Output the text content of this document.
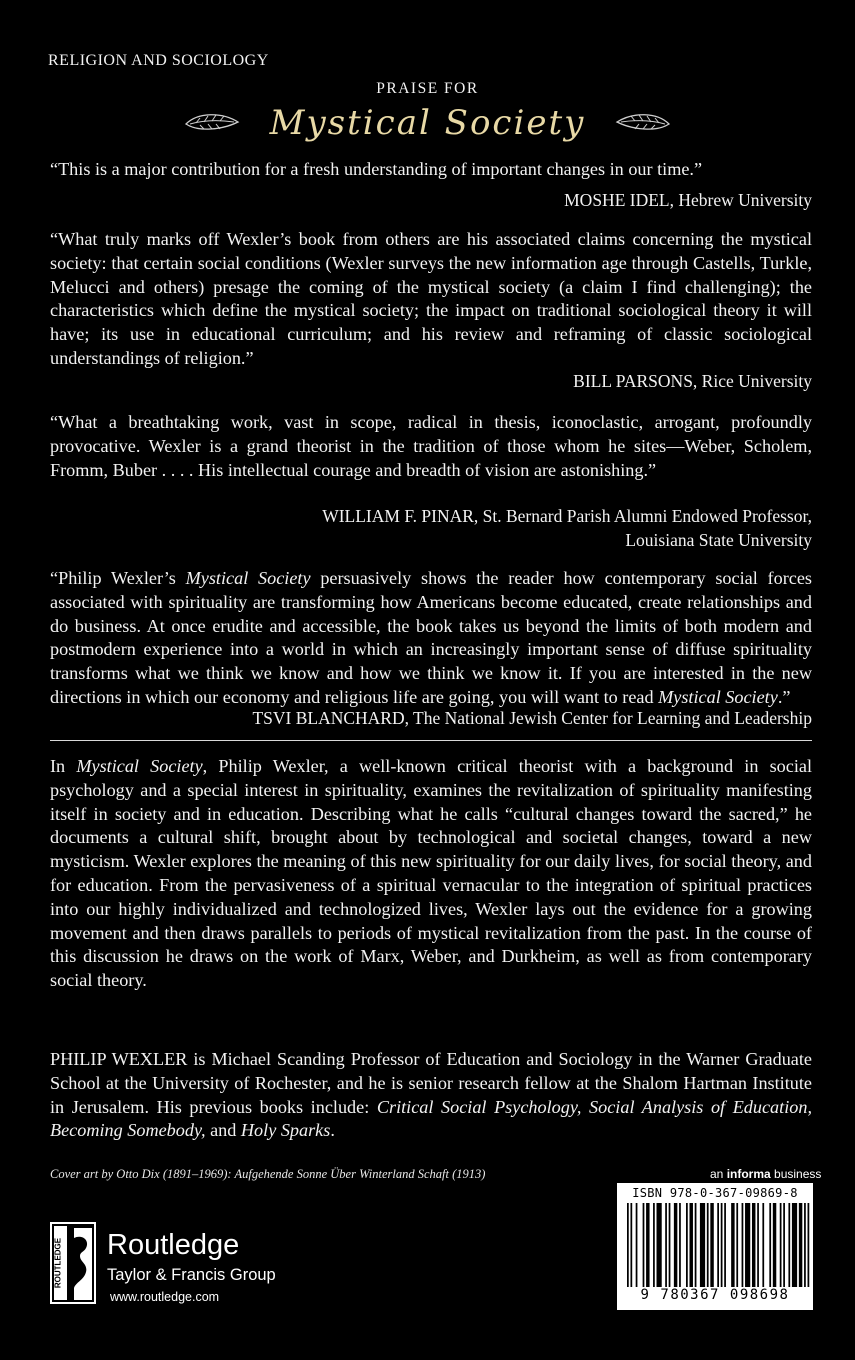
RELIGION AND SOCIOLOGY
PRAISE FOR
Mystical Society
“This is a major contribution for a fresh understanding of important changes in our time.”
MOSHE IDEL, Hebrew University
“What truly marks off Wexler’s book from others are his associated claims concerning the mystical society: that certain social conditions (Wexler surveys the new information age through Castells, Turkle, Melucci and others) presage the coming of the mystical society (a claim I find challenging); the characteristics which define the mystical society; the impact on traditional sociological theory it will have; its use in educational curriculum; and his review and reframing of classic sociological understandings of religion.”
BILL PARSONS, Rice University
“What a breathtaking work, vast in scope, radical in thesis, iconoclastic, arrogant, profoundly provocative. Wexler is a grand theorist in the tradition of those whom he sites—Weber, Scholem, Fromm, Buber . . . . His intellectual courage and breadth of vision are astonishing.”
WILLIAM F. PINAR, St. Bernard Parish Alumni Endowed Professor,
Louisiana State University
“Philip Wexler’s Mystical Society persuasively shows the reader how contemporary social forces associated with spirituality are transforming how Americans become educated, create relationships and do business. At once erudite and accessible, the book takes us beyond the limits of both modern and postmodern experience into a world in which an increasingly important sense of diffuse spirituality transforms what we think we know and how we think we know it. If you are interested in the new directions in which our economy and religious life are going, you will want to read Mystical Society.”
TSVI BLANCHARD, The National Jewish Center for Learning and Leadership
In Mystical Society, Philip Wexler, a well-known critical theorist with a background in social psychology and a special interest in spirituality, examines the revitalization of spirituality manifesting itself in society and in education. Describing what he calls “cultural changes toward the sacred,” he documents a cultural shift, brought about by technological and societal changes, toward a new mysticism. Wexler explores the meaning of this new spirituality for our daily lives, for social theory, and for education. From the pervasiveness of a spiritual vernacular to the integration of spiritual practices into our highly individualized and technologized lives, Wexler lays out the evidence for a growing movement and then draws parallels to periods of mystical revitalization from the past. In the course of this discussion he draws on the work of Marx, Weber, and Durkheim, as well as from contemporary social theory.
PHILIP WEXLER is Michael Scanding Professor of Education and Sociology in the Warner Graduate School at the University of Rochester, and he is senior research fellow at the Shalom Hartman Institute in Jerusalem. His previous books include: Critical Social Psychology, Social Analysis of Education, Becoming Somebody, and Holy Sparks.
Cover art by Otto Dix (1891–1969): Aufgehende Sonne Über Winterland Schaft (1913)	an informa business
ROUTLEDGE Routledge
Taylor & Francis Group
www.routledge.com
ISBN 978-0-367-09869-8
9 780367 098698
